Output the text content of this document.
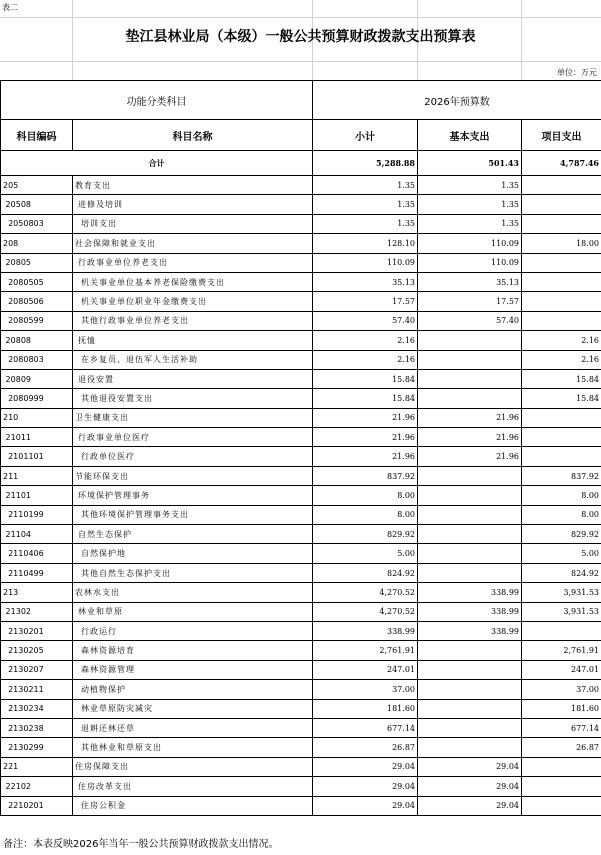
表二
垫江县林业局（本级）一般公共预算财政拨款支出预算表
单位：万元
功能分类科目		2026年预算数		
科目编码	科目名称	小计	基本支出	项目支出
合计		5,288.88	501.43	4,787.46
205	教育支出	1.35	1.35	
20508	进修及培训	1.35	1.35	
2050803	培训支出	1.35	1.35	
208	社会保障和就业支出	128.10	110.09	18.00
20805	行政事业单位养老支出	110.09	110.09	
2080505	机关事业单位基本养老保险缴费支出	35.13	35.13	
2080506	机关事业单位职业年金缴费支出	17.57	17.57	
2080599	其他行政事业单位养老支出	57.40	57.40	
20808	抚恤	2.16		2.16
2080803	在乡复员、退伍军人生活补助	2.16		2.16
20809	退役安置	15.84		15.84
2080999	其他退役安置支出	15.84		15.84
210	卫生健康支出	21.96	21.96	
21011	行政事业单位医疗	21.96	21.96	
2101101	行政单位医疗	21.96	21.96	
211	节能环保支出	837.92		837.92
21101	环境保护管理事务	8.00		8.00
2110199	其他环境保护管理事务支出	8.00		8.00
21104	自然生态保护	829.92		829.92
2110406	自然保护地	5.00		5.00
2110499	其他自然生态保护支出	824.92		824.92
213	农林水支出	4,270.52	338.99	3,931.53
21302	林业和草原	4,270.52	338.99	3,931.53
2130201	行政运行	338.99	338.99	
2130205	森林资源培育	2,761.91		2,761.91
2130207	森林资源管理	247.01		247.01
2130211	动植物保护	37.00		37.00
2130234	林业草原防灾减灾	181.60		181.60
2130238	退耕还林还草	677.14		677.14
2130299	其他林业和草原支出	26.87		26.87
221	住房保障支出	29.04	29.04	
22102	住房改革支出	29.04	29.04	
2210201	住房公积金	29.04	29.04	
备注：本表反映2026年当年一般公共预算财政拨款支出情况。
